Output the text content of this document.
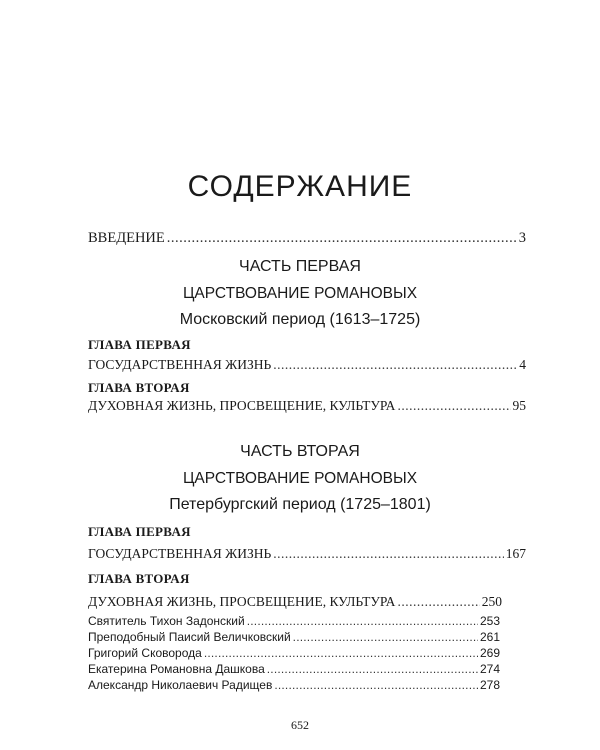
СОДЕРЖАНИЕ
ВВЕДЕНИЕ .....	3
ЧАСТЬ ПЕРВАЯ
ЦАРСТВОВАНИЕ РОМАНОВЫХ
Московский период (1613–1725)
ГЛАВА ПЕРВАЯ
ГОСУДАРСТВЕННАЯ ЖИЗНЬ .....	4
ГЛАВА ВТОРАЯ
ДУХОВНАЯ ЖИЗНЬ, ПРОСВЕЩЕНИЕ, КУЛЬТУРА .....	95
ЧАСТЬ ВТОРАЯ
ЦАРСТВОВАНИЕ РОМАНОВЫХ
Петербургский период (1725–1801)
ГЛАВА ПЕРВАЯ
ГОСУДАРСТВЕННАЯ ЖИЗНЬ .....	167
ГЛАВА ВТОРАЯ
ДУХОВНАЯ ЖИЗНЬ, ПРОСВЕЩЕНИЕ, КУЛЬТУРА .....	250
Святитель Тихон Задонский .....	253
Преподобный Паисий Величковский .....	261
Григорий Сковорода .....	269
Екатерина Романовна Дашкова .....	274
Александр Николаевич Радищев .....	278
652
